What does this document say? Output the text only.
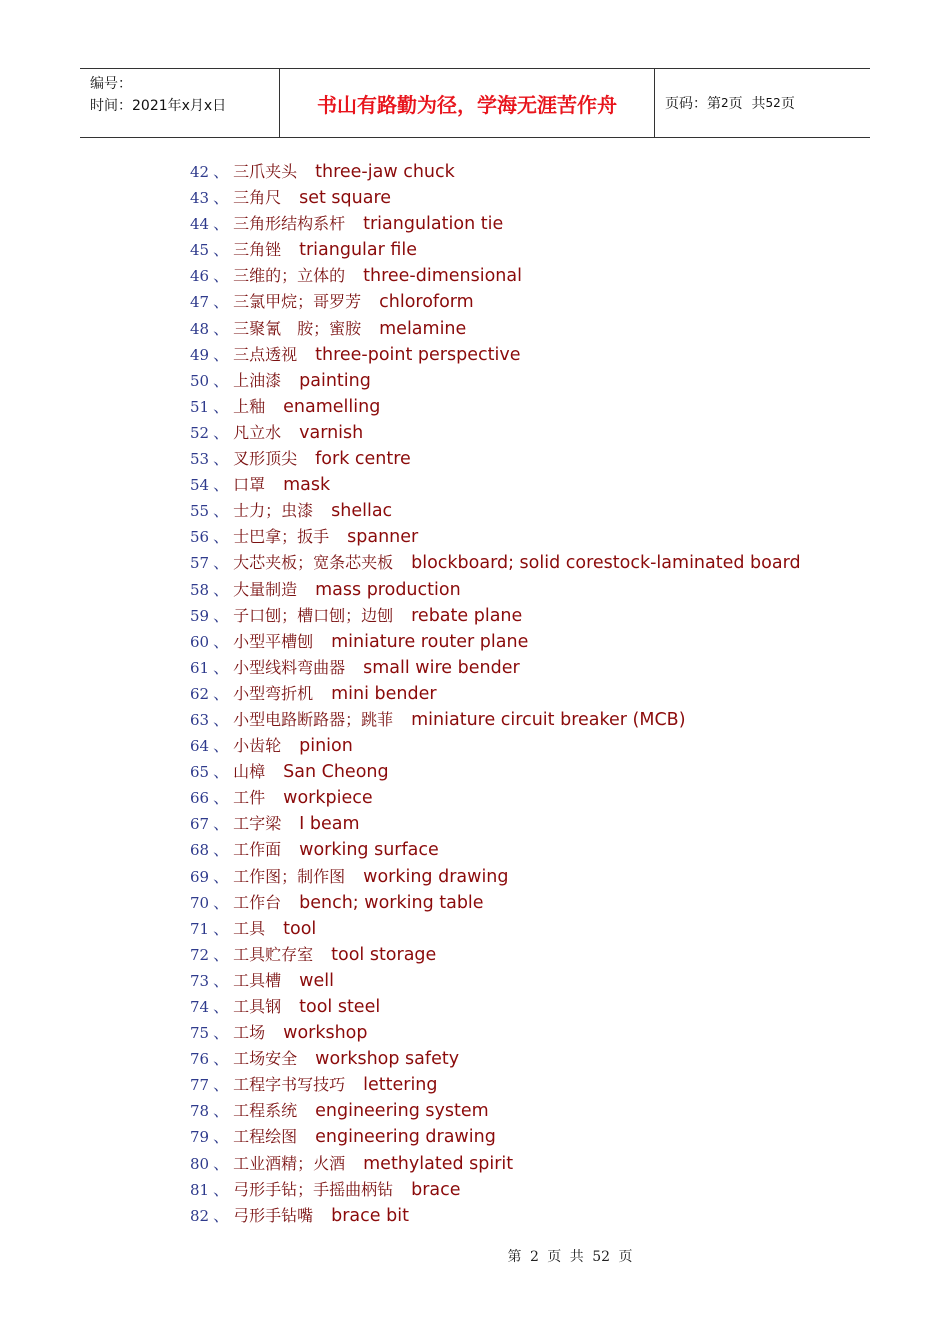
编号：
时间：2021年x月x日	书山有路勤为径，学海无涯苦作舟	页码：第 2 页  共 52 页
42 、 三爪夹头 three-jaw chuck
43 、 三角尺 set square
44 、 三角形结构系杆 triangulation tie
45 、 三角锉 triangular file
46 、 三维的；立体的 three-dimensional
47 、 三氯甲烷；哥罗芳 chloroform
48 、 三聚氰　胺；蜜胺 melamine
49 、 三点透视 three-point perspective
50 、 上油漆 painting
51 、 上釉 enamelling
52 、 凡立水 varnish
53 、 叉形顶尖 fork centre
54 、 口罩 mask
55 、 士力；虫漆 shellac
56 、 士巴拿；扳手 spanner
57 、 大芯夹板；宽条芯夹板 blockboard; solid corestock-laminated board
58 、 大量制造 mass production
59 、 子口刨；槽口刨；边刨 rebate plane
60 、 小型平槽刨 miniature router plane
61 、 小型线料弯曲器 small wire bender
62 、 小型弯折机 mini bender
63 、 小型电路断路器；跳菲 miniature circuit breaker (MCB)
64 、 小齿轮 pinion
65 、 山樟 San Cheong
66 、 工件 workpiece
67 、 工字梁 I beam
68 、 工作面 working surface
69 、 工作图；制作图 working drawing
70 、 工作台 bench; working table
71 、 工具 tool
72 、 工具贮存室 tool storage
73 、 工具槽 well
74 、 工具钢 tool steel
75 、 工场 workshop
76 、 工场安全 workshop safety
77 、 工程字书写技巧 lettering
78 、 工程系统 engineering system
79 、 工程绘图 engineering drawing
80 、 工业酒精；火酒 methylated spirit
81 、 弓形手钻；手摇曲柄钻 brace
82 、 弓形手钻嘴 brace bit
第 2 页 共 52 页
